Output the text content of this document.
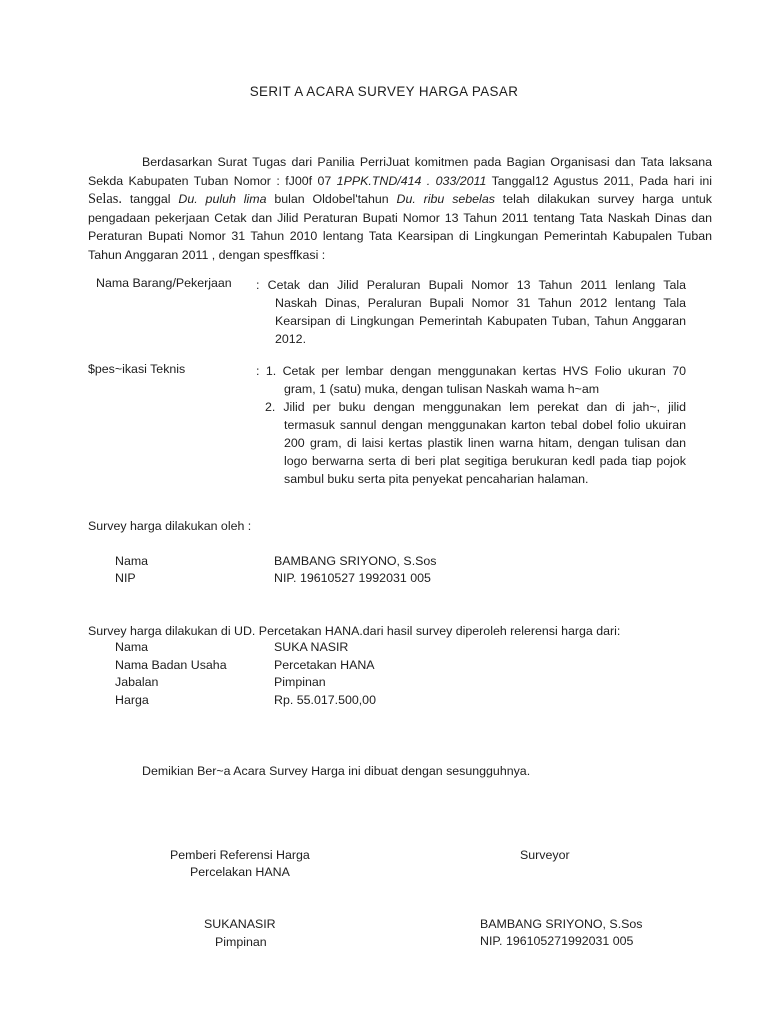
SERIT A ACARA SURVEY HARGA PASAR
Berdasarkan Surat Tugas dari Panilia PerriJuat komitmen pada Bagian Organisasi dan Tata laksana
Sekda Kabupaten Tuban Nomor : fJ00f 07 1PPK.TND/414 . 033/2011 Tanggal12 Agustus 2011, Pada hari ini
Selas. tanggal Du. puluh lima bulan Oldobel'tahun Du. ribu sebelas telah dilakukan survey harga untuk
pengadaan pekerjaan Cetak dan Jilid Peraturan Bupati Nomor 13 Tahun 2011 tentang Tata Naskah Dinas dan
Peraturan Bupati Nomor 31 Tahun 2010 lentang Tata Kearsipan di Lingkungan Pemerintah Kabupalen Tuban
Tahun Anggaran 2011 , dengan spesffkasi :
Nama Barang/Pekerjaan : Cetak dan Jilid Peraluran Bupali Nomor 13 Tahun 2011 lenlang Tala
Naskah Dinas, Peraluran Bupali Nomor 31 Tahun 2012 lentang Tala
Kearsipan di Lingkungan Pemerintah Kabupaten Tuban, Tahun Anggaran
2012.
$pes~ikasi Teknis	: 1. Cetak per lembar dengan menggunakan kertas HVS Folio ukuran 70
gram, 1 (satu) muka, dengan tulisan Naskah wama h~am
2. Jilid per buku dengan menggunakan lem perekat dan di jah~, jilid
termasuk sannul dengan menggunakan karton tebal dobel folio ukuiran
200 gram, di laisi kertas plastik linen warna hitam, dengan tulisan dan
logo berwarna serta di beri plat segitiga berukuran kedl pada tiap pojok
sambul buku serta pita penyekat pencaharian halaman.
Survey harga dilakukan oleh :
Nama	BAMBANG SRIYONO, S.Sos
NIP	NIP. 19610527 1992031 005
Survey harga dilakukan di UD. Percetakan HANA.dari hasil survey diperoleh relerensi harga dari:
Nama	SUKA NASIR
Nama Badan Usaha	Percetakan HANA
Jabalan	Pimpinan
Harga	Rp. 55.017.500,00
Demikian Ber~a Acara Survey Harga ini dibuat dengan sesungguhnya.
Pemberi Referensi Harga
Percelakan HANA
Surveyor
SUKANASIR
Pimpinan
BAMBANG SRIYONO, S.Sos
NIP. 196105271992031 005
